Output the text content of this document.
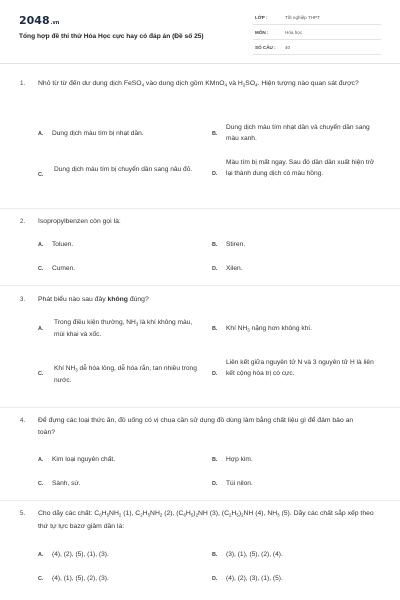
2048.vn
Tổng hợp đề thi thử Hóa Học cực hay có đáp án (Đề số 25)
LỚP :	Tốt nghiệp THPT
MÔN :	Hóa học
SỐ CÂU : 40
1. Nhỏ từ từ đến dư dung dịch FeSO$_4$ vào dung dịch gồm KMnO$_4$ và $H_2SO_4$. Hiện tượng nào quan sát được?
A. Dung dịch màu tím bị nhạt dần.	B.
Dung dịch màu tím nhạt dần và chuyển dần sang màu xanh.
C.
Dung dịch màu tím bị chuyển dần sang nâu đỏ.
D.
Màu tím bị mất ngay. Sau đó dần dần xuất hiện trở lại thành dung dịch có màu hồng.
2. Isopropylbenzen còn gọi là:
A. Toluen.	B. Stiren.
C. Cumen.	D. Xilen.
3. Phát biểu nào sau đây không đúng?
A.
Trong điều kiện thường, $NH_3$ là khí không màu, mùi khai và xốc.
B. Khí $NH_3$ nặng hơn không khí.
C.
Khí $NH_3$ dễ hóa lỏng, dễ hóa rắn, tan nhiều trong nước.
D.
Liên kết giữa nguyên tử N và 3 nguyên tử H là liên kết cộng hóa trị có cực.
4. Để đựng các loại thức ăn, đồ uống có vị chua cần sử dụng đồ dùng làm bằng chất liệu gì để đảm bảo an toàn?
A. Kim loại nguyên chất.	B. Hợp kim.
C. Sành, sứ.	D. Túi nilon.
5. Cho dãy các chất: $C_6H_5NH_2$ (1), $C_2H_5NH_2$ (2), $(C_6H_5)_2NH$ (3), $(C_2H_5)_2NH$ (4), $NH_3$ (5). Dãy các chất sắp xếp theo thứ tự lực bazơ giảm dần là:
A. (4), (2), (5), (1), (3).	B. (3), (1), (5), (2), (4).
C. (4), (1), (5), (2), (3).	D. (4), (2), (3), (1), (5).
